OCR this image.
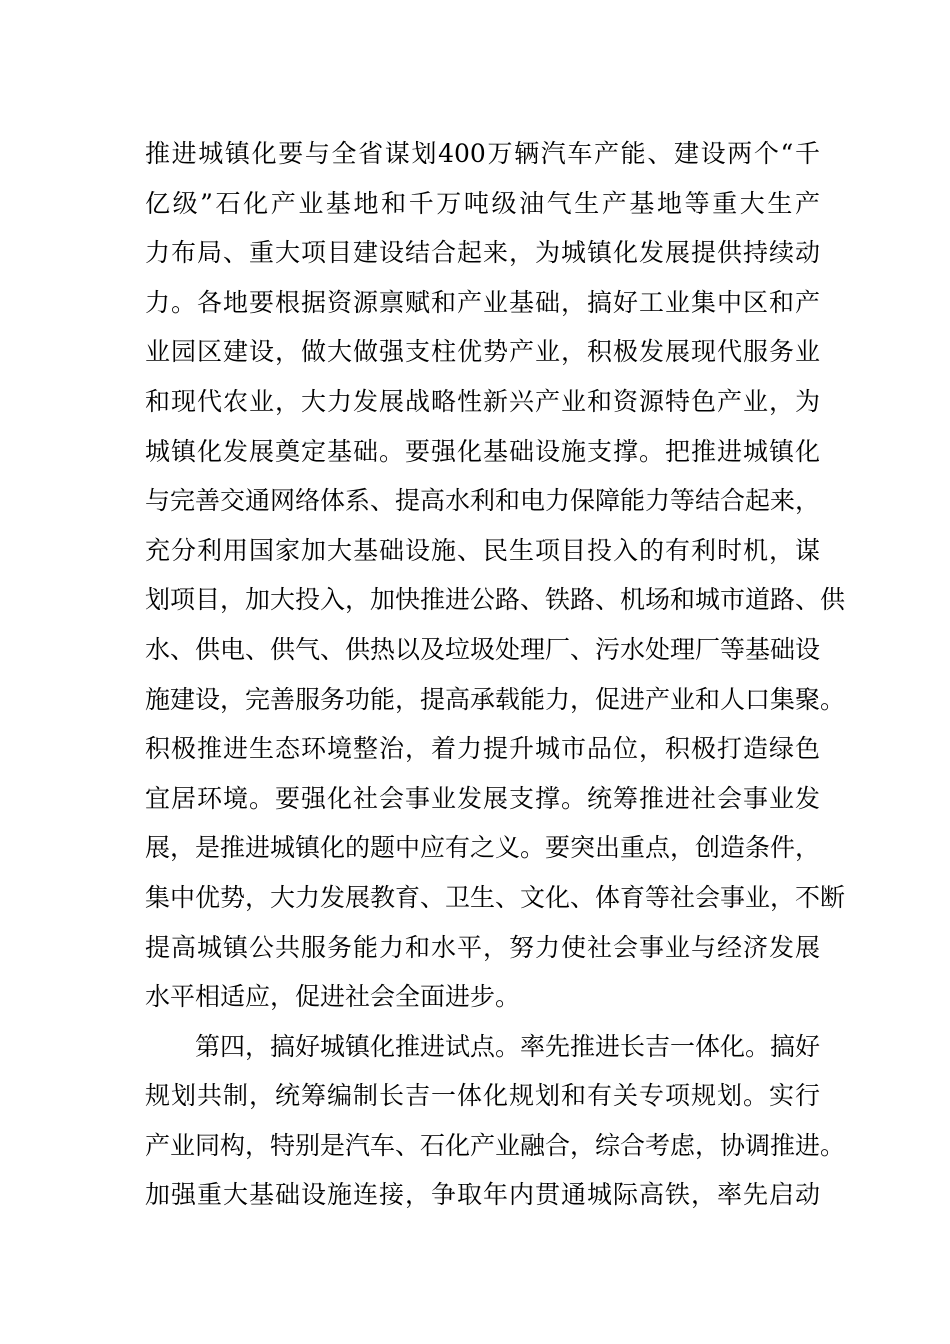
推进城镇化要与全省谋划400万辆汽车产能、建设两个“千
亿级”石化产业基地和千万吨级油气生产基地等重大生产
力布局、重大项目建设结合起来，为城镇化发展提供持续动
力。各地要根据资源禀赋和产业基础，搞好工业集中区和产
业园区建设，做大做强支柱优势产业，积极发展现代服务业
和现代农业，大力发展战略性新兴产业和资源特色产业，为
城镇化发展奠定基础。要强化基础设施支撑。把推进城镇化
与完善交通网络体系、提高水利和电力保障能力等结合起来，
充分利用国家加大基础设施、民生项目投入的有利时机，谋
划项目，加大投入，加快推进公路、铁路、机场和城市道路、供
水、供电、供气、供热以及垃圾处理厂、污水处理厂等基础设
施建设，完善服务功能，提高承载能力，促进产业和人口集聚。
积极推进生态环境整治，着力提升城市品位，积极打造绿色
宜居环境。要强化社会事业发展支撑。统筹推进社会事业发
展，是推进城镇化的题中应有之义。要突出重点，创造条件，
集中优势，大力发展教育、卫生、文化、体育等社会事业，不断
提高城镇公共服务能力和水平，努力使社会事业与经济发展
水平相适应，促进社会全面进步。
第四，搞好城镇化推进试点。率先推进长吉一体化。搞好
规划共制，统筹编制长吉一体化规划和有关专项规划。实行
产业同构，特别是汽车、石化产业融合，综合考虑，协调推进。
加强重大基础设施连接，争取年内贯通城际高铁，率先启动
